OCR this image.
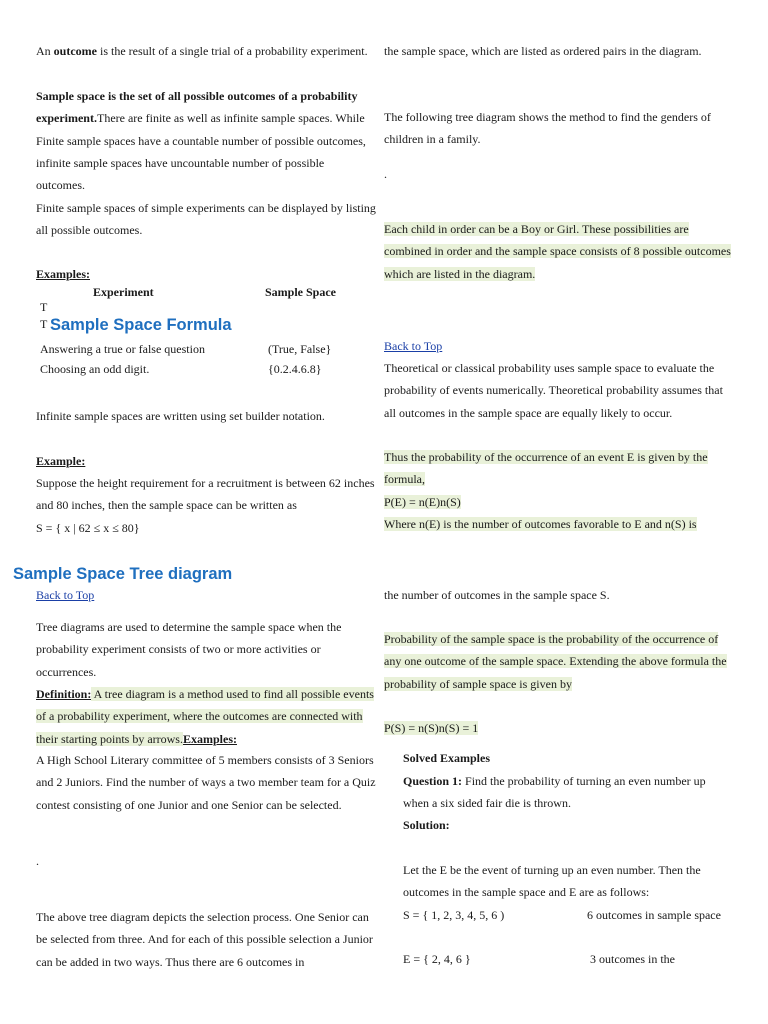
An outcome is the result of a single trial of a probability experiment.

Sample space is the set of all possible outcomes of a probability experiment.There are finite as well as infinite sample spaces. While Finite sample spaces have a countable number of possible outcomes, infinite sample spaces have uncountable number of possible outcomes.

Finite sample spaces of simple experiments can be displayed by listing all possible outcomes.

Examples:

Experiment	Sample Space

T

T Sample Space Formula
Answering a true or false question	(True, False}
Choosing an odd digit.	{0.2.4.6.8}

Infinite sample spaces are written using set builder notation.

Example:

Suppose the height requirement for a recruitment is between 62 inches and 80 inches, then the sample space can be written as
S = { x | 62 ≤ x ≤ 80}

Sample Space Tree diagram
Back to Top

Tree diagrams are used to determine the sample space when the probability experiment consists of two or more activities or occurrences.

Definition: A tree diagram is a method used to find all possible events of a probability experiment, where the outcomes are connected with their starting points by arrows.Examples:

A High School Literary committee of 5 members consists of 3 Seniors and 2 Juniors. Find the number of ways a two member team for a Quiz contest consisting of one Junior and one Senior can be selected.

.

The above tree diagram depicts the selection process. One Senior can be selected from three. And for each of this possible selection a Junior can be added in two ways. Thus there are 6 outcomes in

the sample space, which are listed as ordered pairs in the diagram.

The following tree diagram shows the method to find the genders of children in a family.

.

Each child in order can be a Boy or Girl. These possibilities are combined in order and the sample space consists of 8 possible outcomes which are listed in the diagram.

Back to Top

Theoretical or classical probability uses sample space to evaluate the probability of events numerically. Theoretical probability assumes that all outcomes in the sample space are equally likely to occur.

Thus the probability of the occurrence of an event E is given by the formula,
P(E) = n(E)n(S)
Where n(E) is the number of outcomes favorable to E and n(S) is

the number of outcomes in the sample space S.

Probability of the sample space is the probability of the occurrence of any one outcome of the sample space. Extending the above formula the probability of sample space is given by

P(S) = n(S)n(S) = 1

Solved Examples

Question 1: Find the probability of turning an even number up when a six sided fair die is thrown.

Solution:

Let the E be the event of turning up an even number. Then the outcomes in the sample space and E are as follows:

S = { 1, 2, 3, 4, 5, 6 )	6 outcomes in sample space

E = { 2, 4, 6 }	3 outcomes in the
